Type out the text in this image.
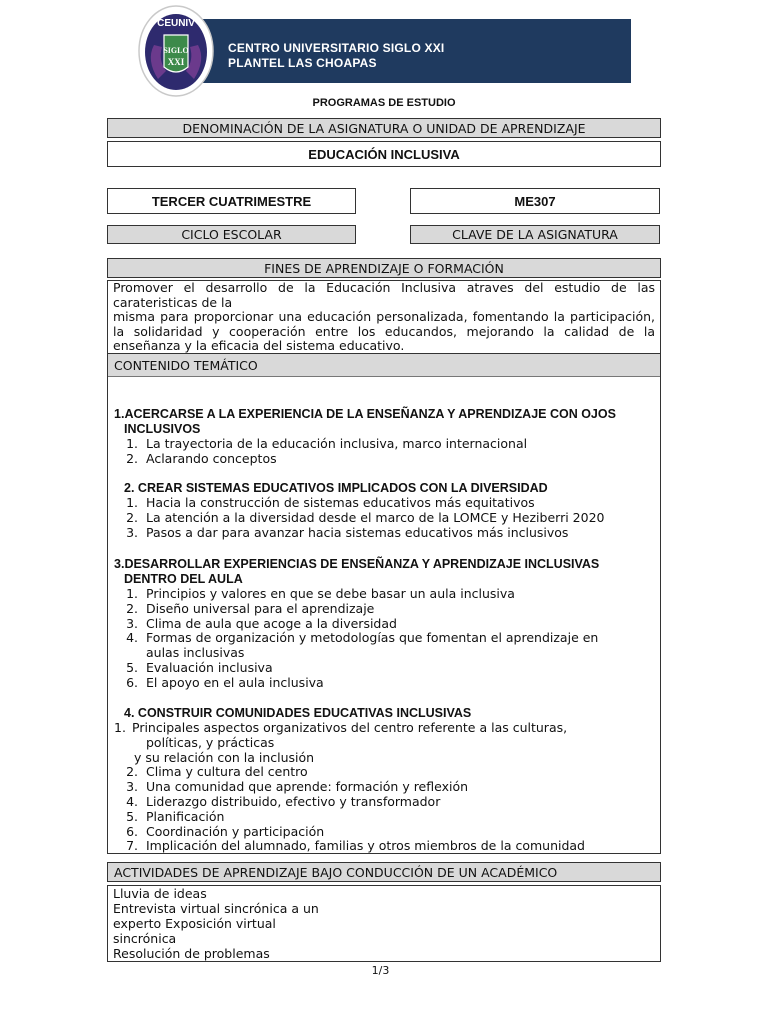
CENTRO UNIVERSITARIO SIGLO XXI
PLANTEL LAS CHOAPAS
CEUNIV
SIGLO
XXI
PROGRAMAS DE ESTUDIO
DENOMINACIÓN DE LA ASIGNATURA O UNIDAD DE APRENDIZAJE
EDUCACIÓN INCLUSIVA
TERCER CUATRIMESTRE	ME307
CICLO ESCOLAR	CLAVE DE LA ASIGNATURA
FINES DE APRENDIZAJE O FORMACIÓN
Promover el desarrollo de la Educación Inclusiva atraves del estudio de las carateristicas de la
misma para proporcionar una educación personalizada, fomentando la participación, la solidaridad y cooperación entre los educandos, mejorando la calidad de la enseñanza y la eficacia del sistema educativo.
CONTENIDO TEMÁTICO
1.ACERCARSE A LA EXPERIENCIA DE LA ENSEÑANZA Y APRENDIZAJE CON OJOS
INCLUSIVOS
1. La trayectoria de la educación inclusiva, marco internacional
2. Aclarando conceptos
2. CREAR SISTEMAS EDUCATIVOS IMPLICADOS CON LA DIVERSIDAD
1. Hacia la construcción de sistemas educativos más equitativos
2. La atención a la diversidad desde el marco de la LOMCE y Heziberri 2020
3. Pasos a dar para avanzar hacia sistemas educativos más inclusivos
3.DESARROLLAR EXPERIENCIAS DE ENSEÑANZA Y APRENDIZAJE INCLUSIVAS
DENTRO DEL AULA
1. Principios y valores en que se debe basar un aula inclusiva
2. Diseño universal para el aprendizaje
3. Clima de aula que acoge a la diversidad
4. Formas de organización y metodologías que fomentan el aprendizaje en
aulas inclusivas
5. Evaluación inclusiva
6. El apoyo en el aula inclusiva
4. CONSTRUIR COMUNIDADES EDUCATIVAS INCLUSIVAS
1. Principales aspectos organizativos del centro referente a las culturas,
políticas, y prácticas
y su relación con la inclusión
2. Clima y cultura del centro
3. Una comunidad que aprende: formación y reflexión
4. Liderazgo distribuido, efectivo y transformador
5. Planificación
6. Coordinación y participación
7. Implicación del alumnado, familias y otros miembros de la comunidad
ACTIVIDADES DE APRENDIZAJE BAJO CONDUCCIÓN DE UN ACADÉMICO
Lluvia de ideas
Entrevista virtual sincrónica a un
experto Exposición virtual
sincrónica
Resolución de problemas
1/3
